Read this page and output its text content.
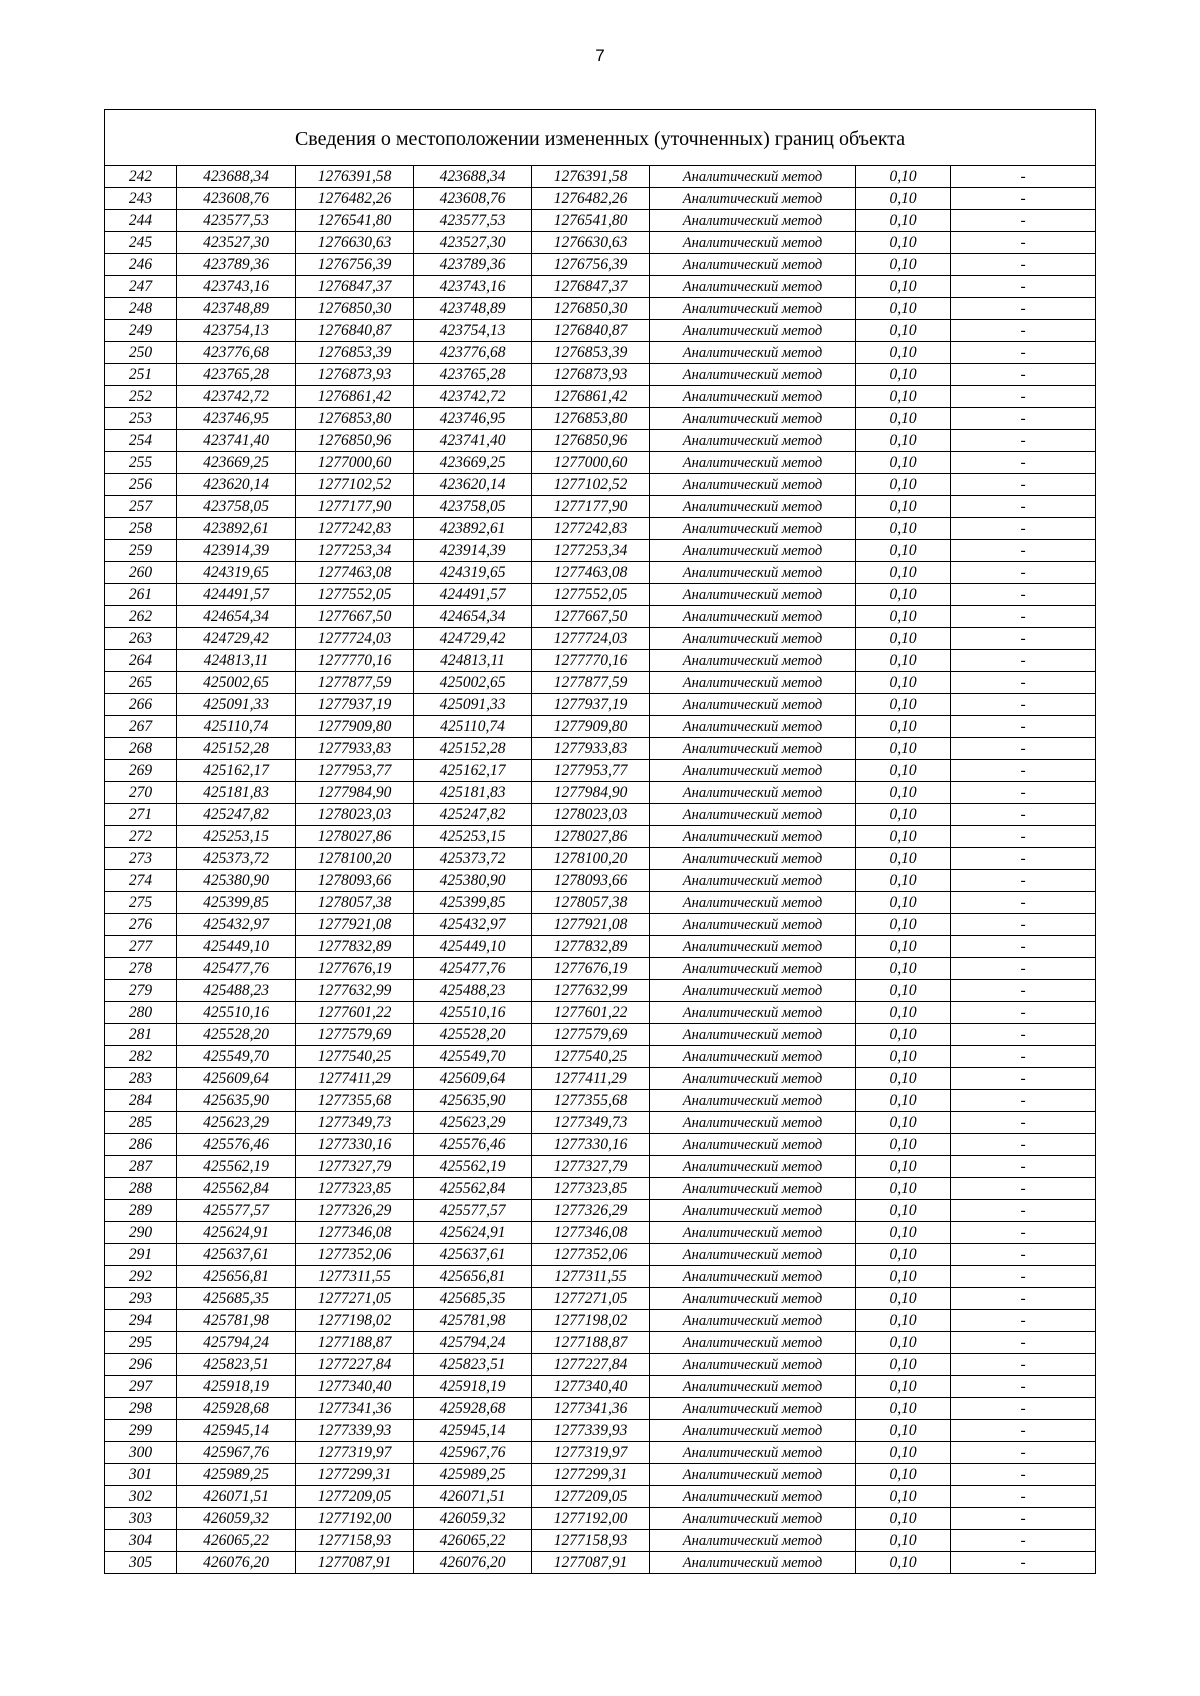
7
Сведения о местоположении измененных (уточненных) границ объекта							
242	423688,34	1276391,58	423688,34	1276391,58	Аналитический метод	0,10	-
243	423608,76	1276482,26	423608,76	1276482,26	Аналитический метод	0,10	-
244	423577,53	1276541,80	423577,53	1276541,80	Аналитический метод	0,10	-
245	423527,30	1276630,63	423527,30	1276630,63	Аналитический метод	0,10	-
246	423789,36	1276756,39	423789,36	1276756,39	Аналитический метод	0,10	-
247	423743,16	1276847,37	423743,16	1276847,37	Аналитический метод	0,10	-
248	423748,89	1276850,30	423748,89	1276850,30	Аналитический метод	0,10	-
249	423754,13	1276840,87	423754,13	1276840,87	Аналитический метод	0,10	-
250	423776,68	1276853,39	423776,68	1276853,39	Аналитический метод	0,10	-
251	423765,28	1276873,93	423765,28	1276873,93	Аналитический метод	0,10	-
252	423742,72	1276861,42	423742,72	1276861,42	Аналитический метод	0,10	-
253	423746,95	1276853,80	423746,95	1276853,80	Аналитический метод	0,10	-
254	423741,40	1276850,96	423741,40	1276850,96	Аналитический метод	0,10	-
255	423669,25	1277000,60	423669,25	1277000,60	Аналитический метод	0,10	-
256	423620,14	1277102,52	423620,14	1277102,52	Аналитический метод	0,10	-
257	423758,05	1277177,90	423758,05	1277177,90	Аналитический метод	0,10	-
258	423892,61	1277242,83	423892,61	1277242,83	Аналитический метод	0,10	-
259	423914,39	1277253,34	423914,39	1277253,34	Аналитический метод	0,10	-
260	424319,65	1277463,08	424319,65	1277463,08	Аналитический метод	0,10	-
261	424491,57	1277552,05	424491,57	1277552,05	Аналитический метод	0,10	-
262	424654,34	1277667,50	424654,34	1277667,50	Аналитический метод	0,10	-
263	424729,42	1277724,03	424729,42	1277724,03	Аналитический метод	0,10	-
264	424813,11	1277770,16	424813,11	1277770,16	Аналитический метод	0,10	-
265	425002,65	1277877,59	425002,65	1277877,59	Аналитический метод	0,10	-
266	425091,33	1277937,19	425091,33	1277937,19	Аналитический метод	0,10	-
267	425110,74	1277909,80	425110,74	1277909,80	Аналитический метод	0,10	-
268	425152,28	1277933,83	425152,28	1277933,83	Аналитический метод	0,10	-
269	425162,17	1277953,77	425162,17	1277953,77	Аналитический метод	0,10	-
270	425181,83	1277984,90	425181,83	1277984,90	Аналитический метод	0,10	-
271	425247,82	1278023,03	425247,82	1278023,03	Аналитический метод	0,10	-
272	425253,15	1278027,86	425253,15	1278027,86	Аналитический метод	0,10	-
273	425373,72	1278100,20	425373,72	1278100,20	Аналитический метод	0,10	-
274	425380,90	1278093,66	425380,90	1278093,66	Аналитический метод	0,10	-
275	425399,85	1278057,38	425399,85	1278057,38	Аналитический метод	0,10	-
276	425432,97	1277921,08	425432,97	1277921,08	Аналитический метод	0,10	-
277	425449,10	1277832,89	425449,10	1277832,89	Аналитический метод	0,10	-
278	425477,76	1277676,19	425477,76	1277676,19	Аналитический метод	0,10	-
279	425488,23	1277632,99	425488,23	1277632,99	Аналитический метод	0,10	-
280	425510,16	1277601,22	425510,16	1277601,22	Аналитический метод	0,10	-
281	425528,20	1277579,69	425528,20	1277579,69	Аналитический метод	0,10	-
282	425549,70	1277540,25	425549,70	1277540,25	Аналитический метод	0,10	-
283	425609,64	1277411,29	425609,64	1277411,29	Аналитический метод	0,10	-
284	425635,90	1277355,68	425635,90	1277355,68	Аналитический метод	0,10	-
285	425623,29	1277349,73	425623,29	1277349,73	Аналитический метод	0,10	-
286	425576,46	1277330,16	425576,46	1277330,16	Аналитический метод	0,10	-
287	425562,19	1277327,79	425562,19	1277327,79	Аналитический метод	0,10	-
288	425562,84	1277323,85	425562,84	1277323,85	Аналитический метод	0,10	-
289	425577,57	1277326,29	425577,57	1277326,29	Аналитический метод	0,10	-
290	425624,91	1277346,08	425624,91	1277346,08	Аналитический метод	0,10	-
291	425637,61	1277352,06	425637,61	1277352,06	Аналитический метод	0,10	-
292	425656,81	1277311,55	425656,81	1277311,55	Аналитический метод	0,10	-
293	425685,35	1277271,05	425685,35	1277271,05	Аналитический метод	0,10	-
294	425781,98	1277198,02	425781,98	1277198,02	Аналитический метод	0,10	-
295	425794,24	1277188,87	425794,24	1277188,87	Аналитический метод	0,10	-
296	425823,51	1277227,84	425823,51	1277227,84	Аналитический метод	0,10	-
297	425918,19	1277340,40	425918,19	1277340,40	Аналитический метод	0,10	-
298	425928,68	1277341,36	425928,68	1277341,36	Аналитический метод	0,10	-
299	425945,14	1277339,93	425945,14	1277339,93	Аналитический метод	0,10	-
300	425967,76	1277319,97	425967,76	1277319,97	Аналитический метод	0,10	-
301	425989,25	1277299,31	425989,25	1277299,31	Аналитический метод	0,10	-
302	426071,51	1277209,05	426071,51	1277209,05	Аналитический метод	0,10	-
303	426059,32	1277192,00	426059,32	1277192,00	Аналитический метод	0,10	-
304	426065,22	1277158,93	426065,22	1277158,93	Аналитический метод	0,10	-
305	426076,20	1277087,91	426076,20	1277087,91	Аналитический метод	0,10	-
